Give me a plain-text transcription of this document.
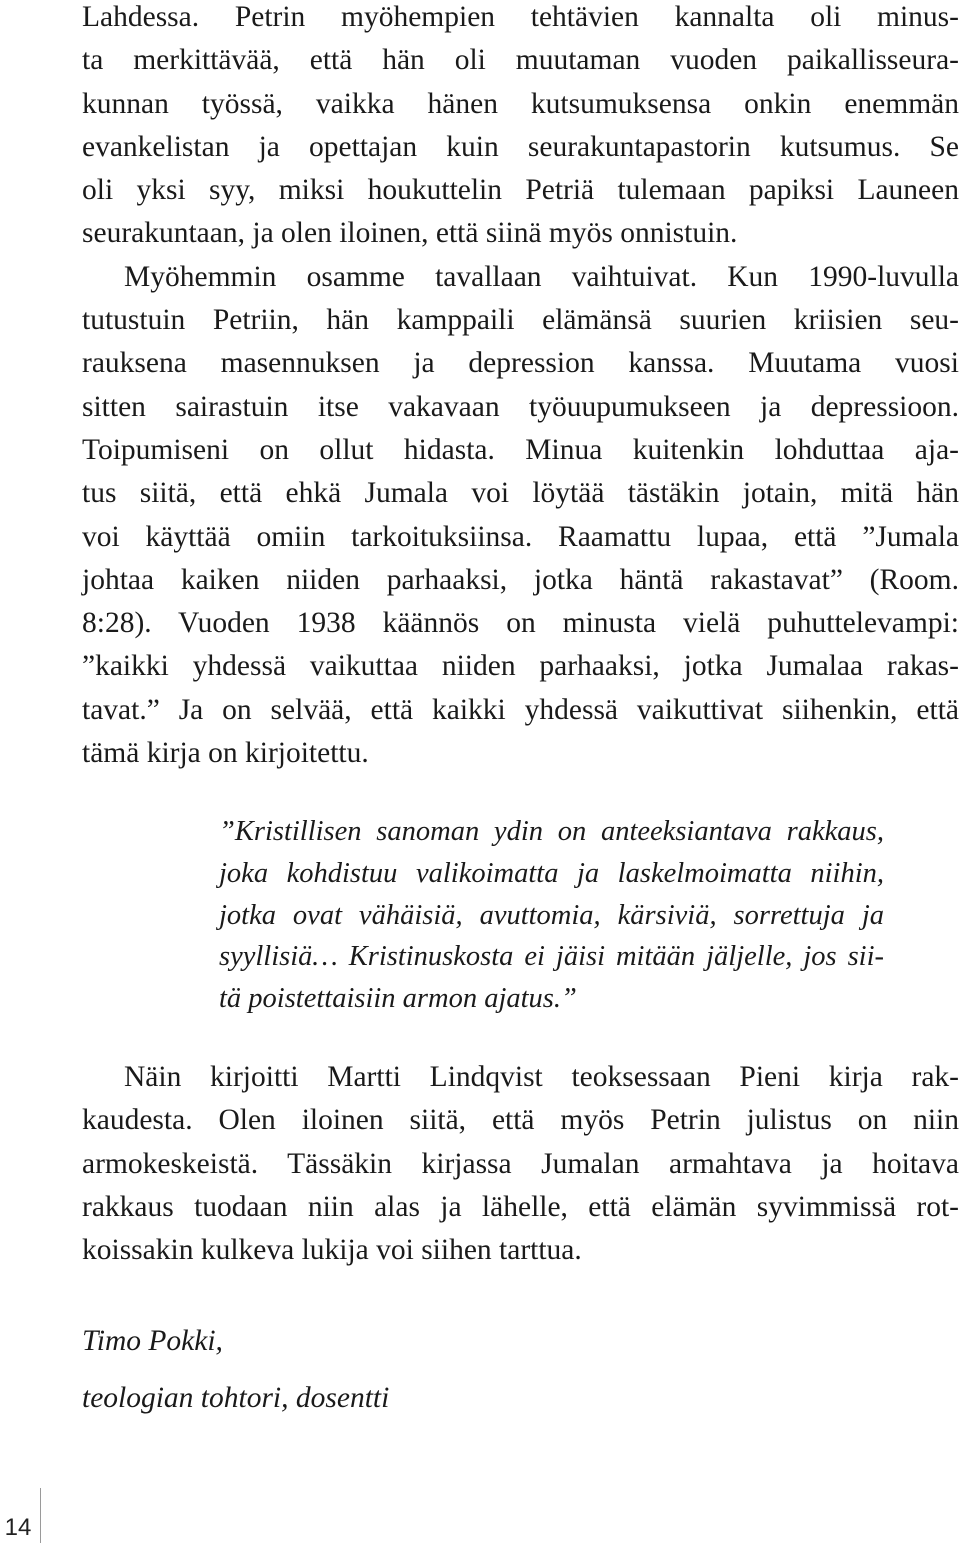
Lahdessa. Petrin myöhempien tehtävien kannalta oli minus-
ta merkittävää, että hän oli muutaman vuoden paikallisseura-
kunnan työssä, vaikka hänen kutsumuksensa onkin enemmän
evankelistan ja opettajan kuin seurakuntapastorin kutsumus. Se
oli yksi syy, miksi houkuttelin Petriä tulemaan papiksi Launeen
seurakuntaan, ja olen iloinen, että siinä myös onnistuin.
Myöhemmin osamme tavallaan vaihtuivat. Kun 1990-luvulla
tutustuin Petriin, hän kamppaili elämänsä suurien kriisien seu-
rauksena masennuksen ja depression kanssa. Muutama vuosi
sitten sairastuin itse vakavaan työuupumukseen ja depressioon.
Toipumiseni on ollut hidasta. Minua kuitenkin lohduttaa aja-
tus siitä, että ehkä Jumala voi löytää tästäkin jotain, mitä hän
voi käyttää omiin tarkoituksiinsa. Raamattu lupaa, että ”Jumala
johtaa kaiken niiden parhaaksi, jotka häntä rakastavat” (Room.
8:28). Vuoden 1938 käännös on minusta vielä puhuttelevampi:
”kaikki yhdessä vaikuttaa niiden parhaaksi, jotka Jumalaa rakas-
tavat.” Ja on selvää, että kaikki yhdessä vaikuttivat siihenkin, että
tämä kirja on kirjoitettu.
”Kristillisen sanoman ydin on anteeksiantava rakkaus,
joka kohdistuu valikoimatta ja laskelmoimatta niihin,
jotka ovat vähäisiä, avuttomia, kärsiviä, sorrettuja ja
syyllisiä… Kristinuskosta ei jäisi mitään jäljelle, jos sii-
tä poistettaisiin armon ajatus.”
Näin kirjoitti Martti Lindqvist teoksessaan Pieni kirja rak-
kaudesta. Olen iloinen siitä, että myös Petrin julistus on niin
armokeskeistä. Tässäkin kirjassa Jumalan armahtava ja hoitava
rakkaus tuodaan niin alas ja lähelle, että elämän syvimmissä rot-
koissakin kulkeva lukija voi siihen tarttua.

Timo Pokki,

teologian tohtori, dosentti

14
